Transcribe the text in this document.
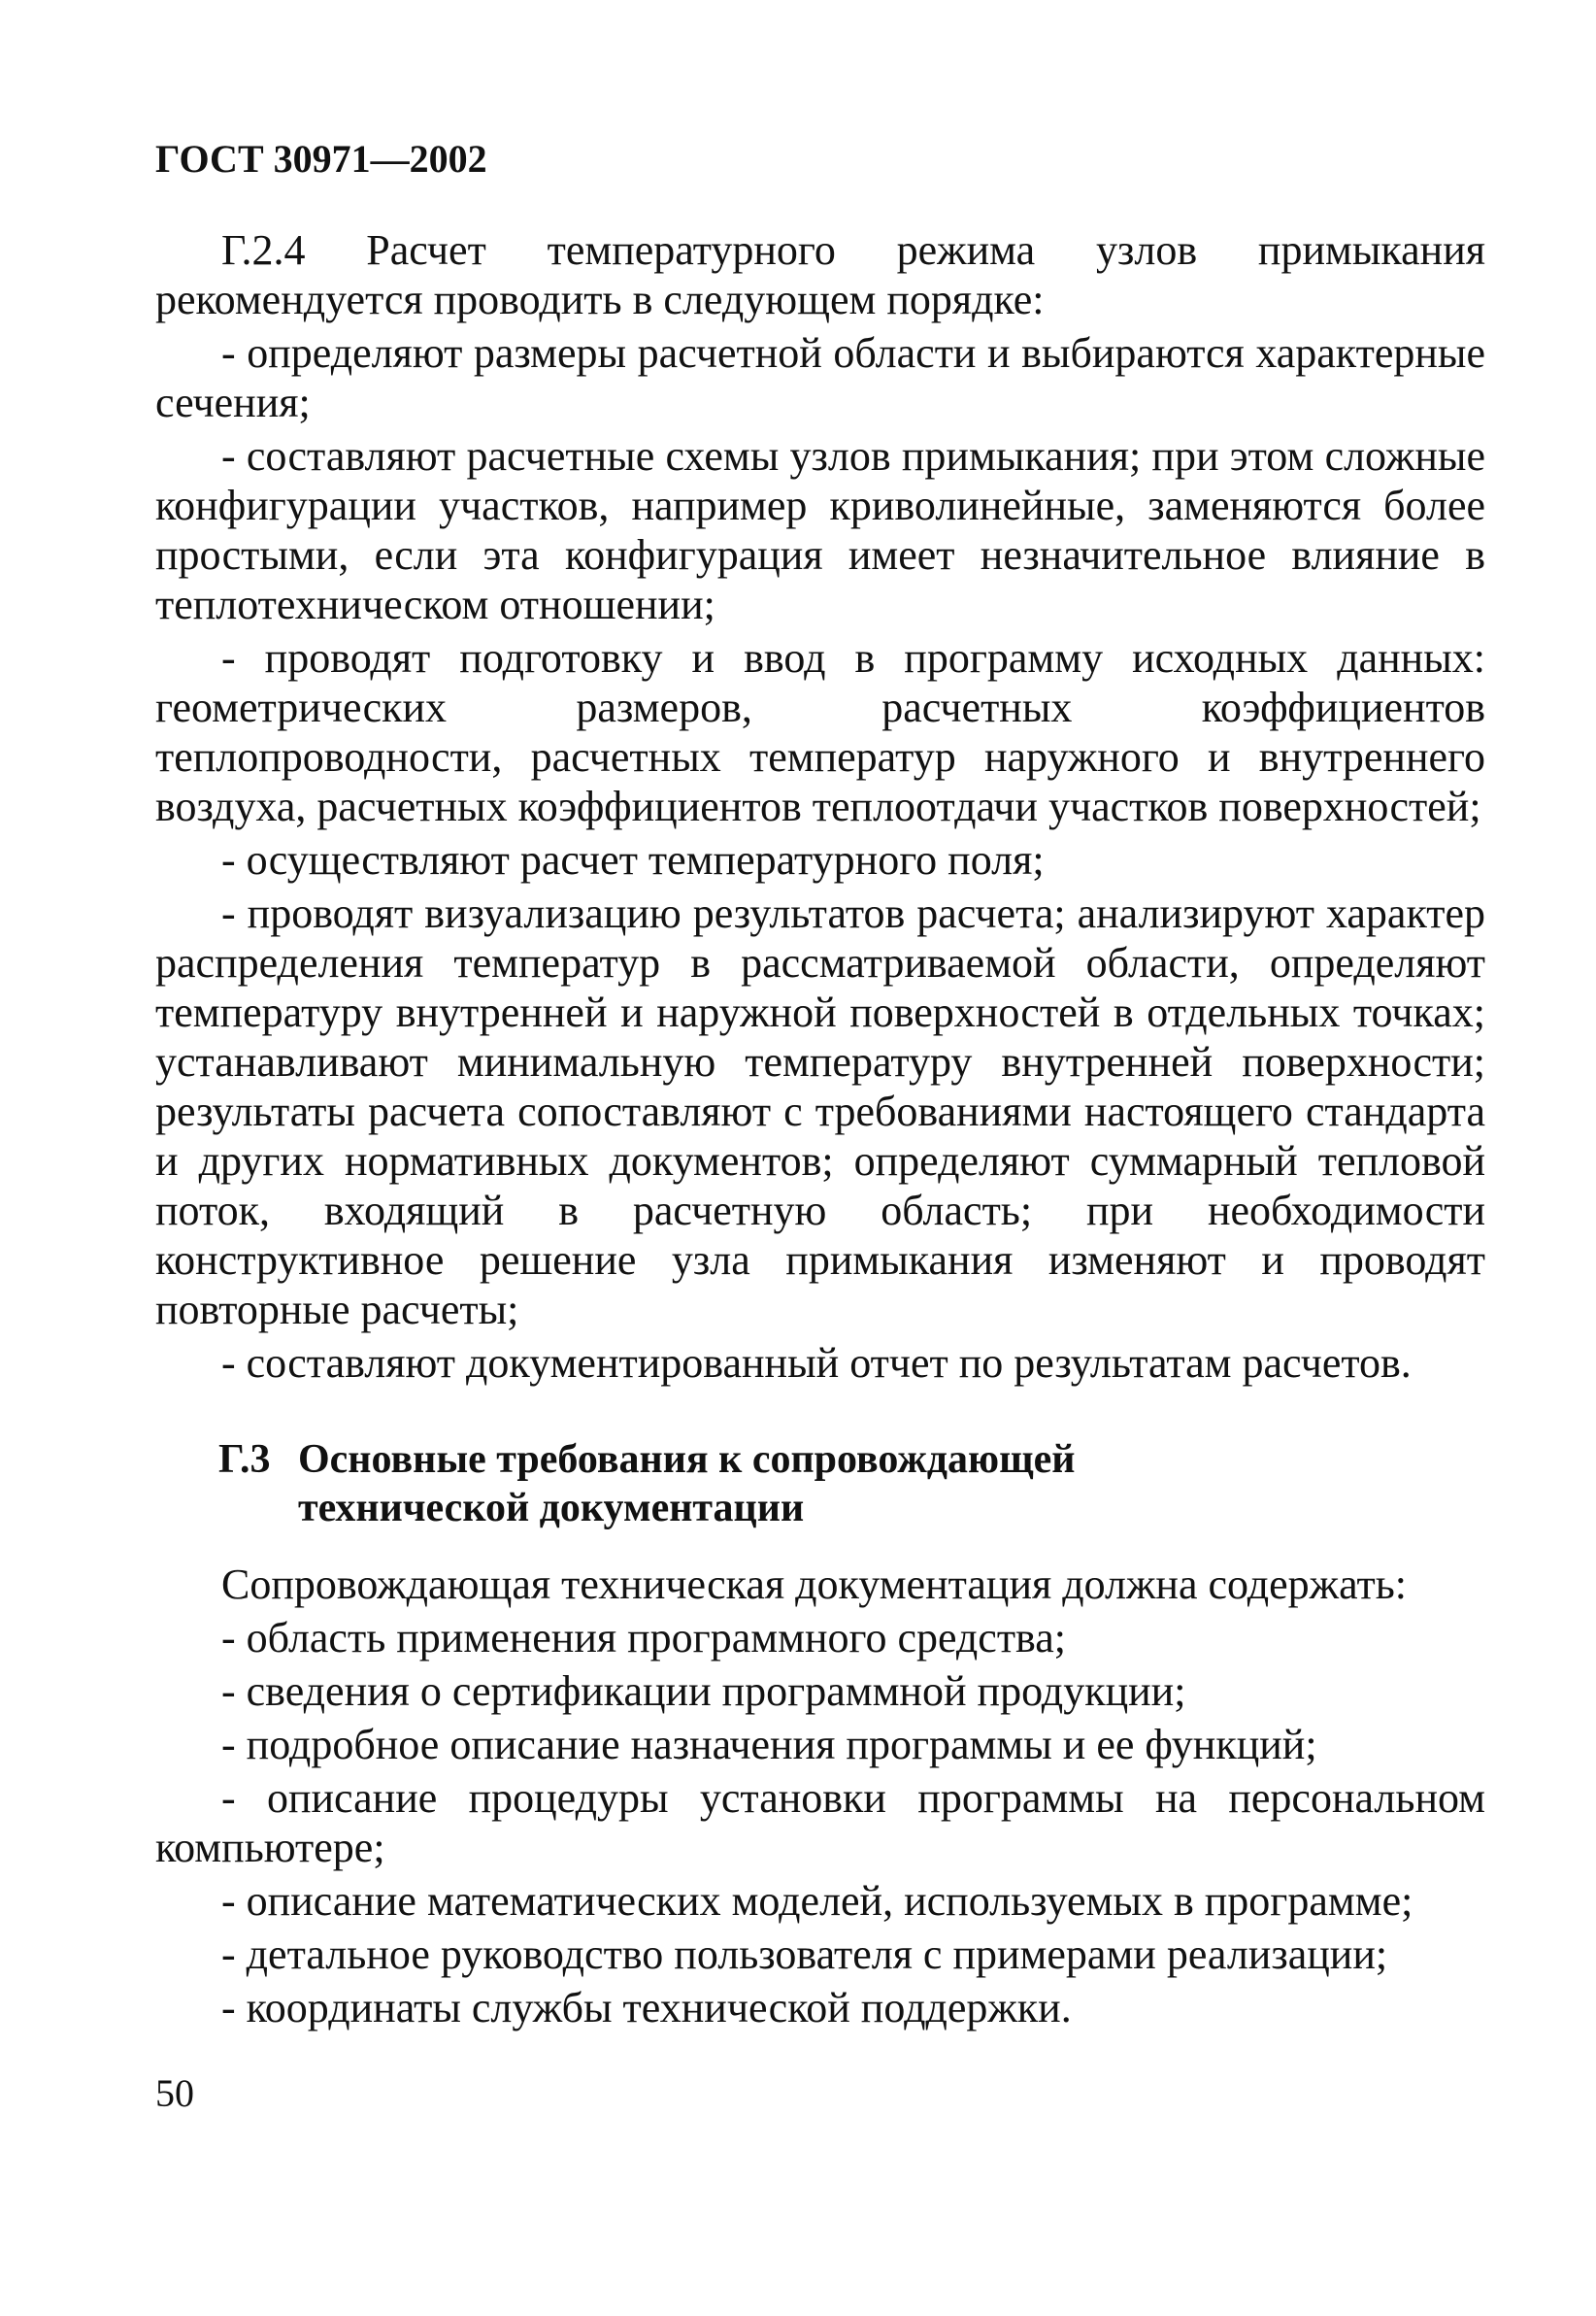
ГОСТ 30971—2002

Г.2.4 Расчет температурного режима узлов примыкания рекомендуется проводить в следующем порядке:

- определяют размеры расчетной области и выбираются характерные сечения;

- составляют расчетные схемы узлов примыкания; при этом сложные конфигурации участков, например криволинейные, заменяются более простыми, если эта конфигурация имеет незначительное влияние в теплотехническом отношении;

- проводят подготовку и ввод в программу исходных данных: геометрических размеров, расчетных коэффициентов теплопроводности, расчетных температур наружного и внутреннего воздуха, расчетных коэффициентов теплоотдачи участков поверхностей;

- осуществляют расчет температурного поля;

- проводят визуализацию результатов расчета; анализируют характер распределения температур в рассматриваемой области, определяют температуру внутренней и наружной поверхностей в отдельных точках; устанавливают минимальную температуру внутренней поверхности; результаты расчета сопоставляют с требованиями настоящего стандарта и других нормативных документов; определяют суммарный тепловой поток, входящий в расчетную область; при необходимости конструктивное решение узла примыкания изменяют и проводят повторные расчеты;

- составляют документированный отчет по результатам расчетов.

Г.3 Основные требования к сопровождающей
технической документации

Сопровождающая техническая документация должна содержать:

- область применения программного средства;

- сведения о сертификации программной продукции;

- подробное описание назначения программы и ее функций;

- описание процедуры установки программы на персональном компьютере;

- описание математических моделей, используемых в программе;

- детальное руководство пользователя с примерами реализации;

- координаты службы технической поддержки.

50
